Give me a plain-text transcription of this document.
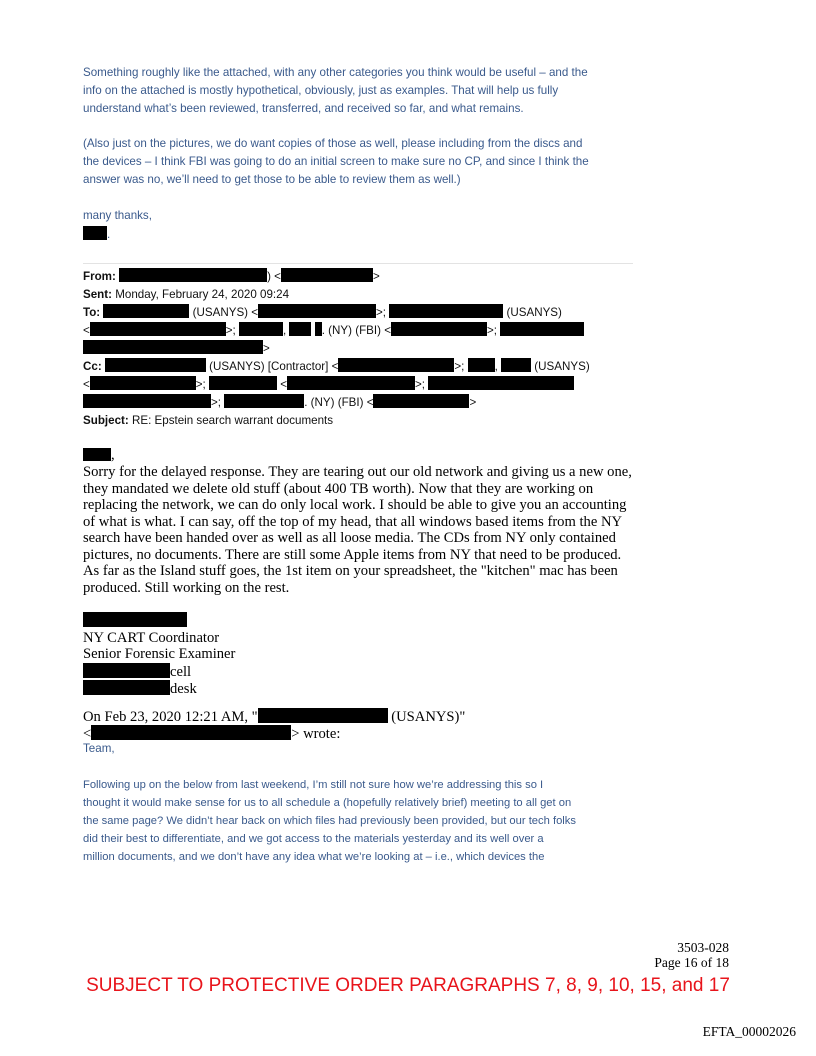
Something roughly like the attached, with any other categories you think would be useful – and the
info on the attached is mostly hypothetical, obviously, just as examples. That will help us fully
understand what’s been reviewed, transferred, and received so far, and what remains.
(Also just on the pictures, we do want copies of those as well, please including from the discs and
the devices – I think FBI was going to do an initial screen to make sure no CP, and since I think the
answer was no, we’ll need to get those to be able to review them as well.)
many thanks,
.
From:	) <	>
Sent: Monday, February 24, 2020 09:24
To:	(USANYS) <	>;	(USANYS)
<	>;	,	. (NY) (FBI) <	>;
>
Cc:	(USANYS) [Contractor] <	>;	,	(USANYS)
<	>;	<	>;
>;	. (NY) (FBI) <	>
Subject: RE: Epstein search warrant documents
,
Sorry for the delayed response. They are tearing out our old network and giving us a new one,
they mandated we delete old stuff (about 400 TB worth). Now that they are working on
replacing the network, we can do only local work. I should be able to give you an accounting
of what is what. I can say, off the top of my head, that all windows based items from the NY
search have been handed over as well as all loose media. The CDs from NY only contained
pictures, no documents. There are still some Apple items from NY that need to be produced.
As far as the Island stuff goes, the 1st item on your spreadsheet, the "kitchen" mac has been
produced. Still working on the rest.
NY CART Coordinator
Senior Forensic Examiner
cell
desk
On Feb 23, 2020 12:21 AM, "	(USANYS)"
<	> wrote:
Team,
Following up on the below from last weekend, I’m still not sure how we’re addressing this so I
thought it would make sense for us to all schedule a (hopefully relatively brief) meeting to all get on
the same page? We didn’t hear back on which files had previously been provided, but our tech folks
did their best to differentiate, and we got access to the materials yesterday and its well over a
million documents, and we don’t have any idea what we’re looking at – i.e., which devices the
3503-028
Page 16 of 18
SUBJECT TO PROTECTIVE ORDER PARAGRAPHS 7, 8, 9, 10, 15, and 17
EFTA_00002026
